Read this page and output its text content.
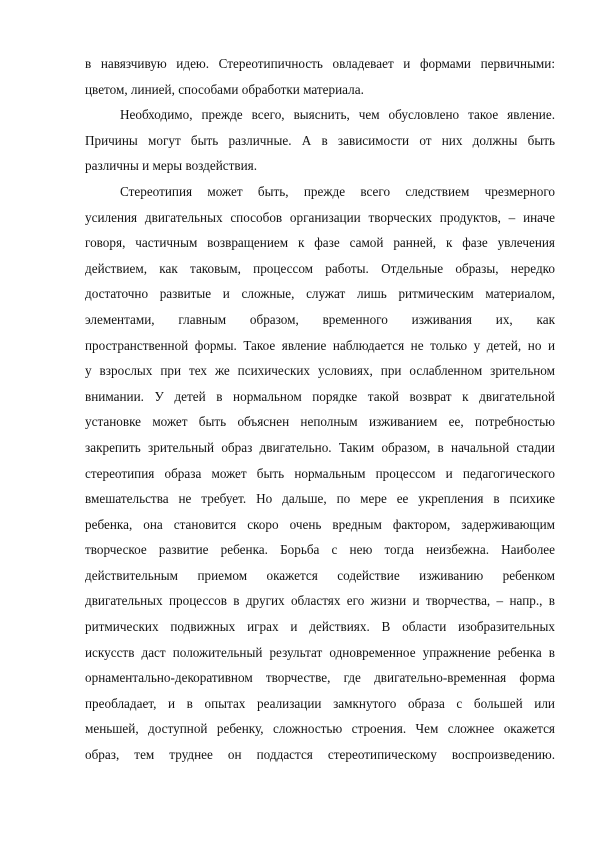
в навязчивую идею. Стереотипичность овладевает и формами первичными:
цветом, линией, способами обработки материала.
Необходимо, прежде всего, выяснить, чем обусловлено такое явление.
Причины могут быть различные. А в зависимости от них должны быть
различны и меры воздействия.
Стереотипия может быть, прежде всего следствием чрезмерного
усиления двигательных способов организации творческих продуктов, – иначе
говоря, частичным возвращением к фазе самой ранней, к фазе увлечения
действием, как таковым, процессом работы. Отдельные образы, нередко
достаточно развитые и сложные, служат лишь ритмическим материалом,
элементами, главным образом, временного изживания их, как
пространственной формы. Такое явление наблюдается не только у детей, но и
у взрослых при тех же психических условиях, при ослабленном зрительном
внимании. У детей в нормальном порядке такой возврат к двигательной
установке может быть объяснен неполным изживанием ее, потребностью
закрепить зрительный образ двигательно. Таким образом, в начальной стадии
стереотипия образа может быть нормальным процессом и педагогического
вмешательства не требует. Но дальше, по мере ее укрепления в психике
ребенка, она становится скоро очень вредным фактором, задерживающим
творческое развитие ребенка. Борьба с нею тогда неизбежна. Наиболее
действительным приемом окажется содействие изживанию ребенком
двигательных процессов в других областях его жизни и творчества, – напр., в
ритмических подвижных играх и действиях. В области изобразительных
искусств даст положительный результат одновременное упражнение ребенка в
орнаментально-декоративном творчестве, где двигательно-временная форма
преобладает, и в опытах реализации замкнутого образа с большей или
меньшей, доступной ребенку, сложностью строения. Чем сложнее окажется
образ, тем труднее он поддастся стереотипическому воспроизведению.
